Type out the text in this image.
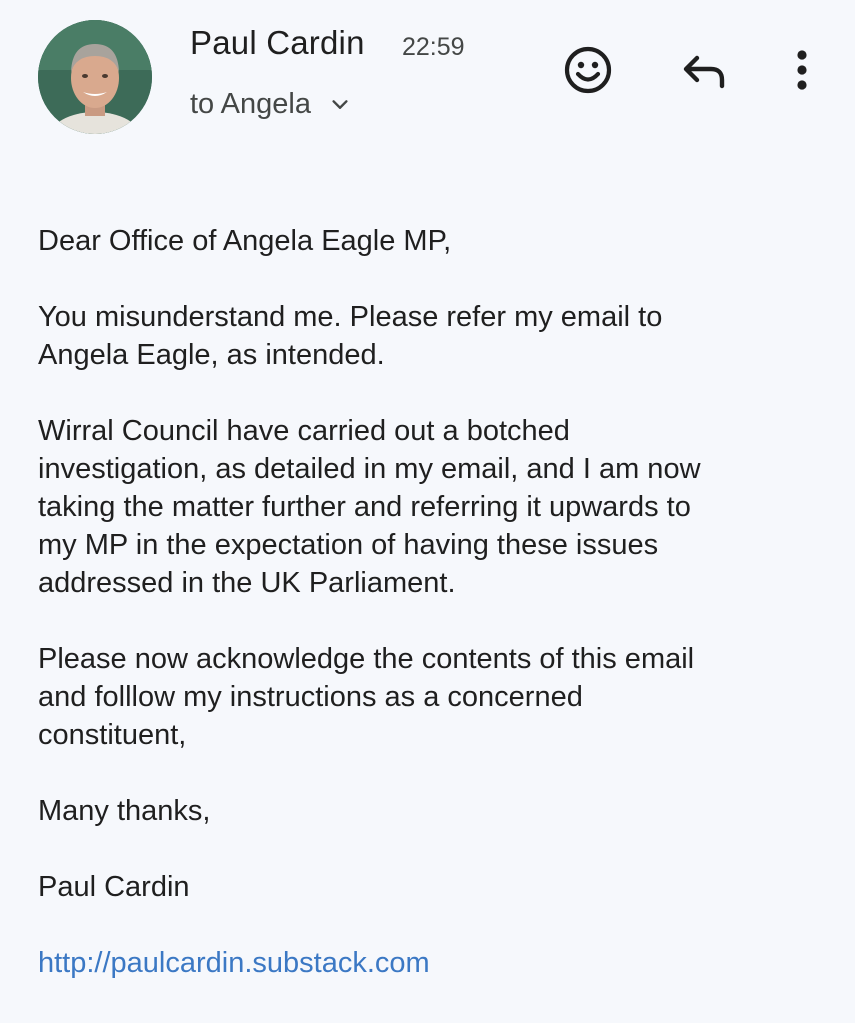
Paul Cardin 22:59
to Angela

Dear Office of Angela Eagle MP,

You misunderstand me. Please refer my email to
Angela Eagle, as intended.

Wirral Council have carried out a botched
investigation, as detailed in my email, and I am now
taking the matter further and referring it upwards to
my MP in the expectation of having these issues
addressed in the UK Parliament.

Please now acknowledge the contents of this email
and folllow my instructions as a concerned
constituent,

Many thanks,

Paul Cardin

http://paulcardin.substack.com
